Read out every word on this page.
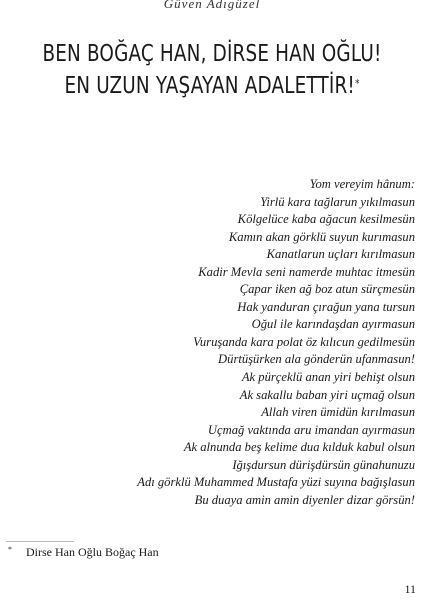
Güven Adıgüzel
BEN BOĞAÇ HAN, DİRSE HAN OĞLU!
EN UZUN YAŞAYAN ADALETTİR!*
Yom vereyim hânum:
Yirlü kara tağlarun yıkılmasun
Kölgelüce kaba ağacun kesilmesün
Kamın akan görklü suyun kurımasun
Kanatlarun uçları kırılmasun
Kadir Mevla seni namerde muhtac itmesün
Çapar iken ağ boz atun sürçmesün
Hak yanduran çırağun yana tursun
Oğul ile karındaşdan ayırmasun
Vuruşanda kara polat öz kılıcun gedilmesün
Dürtüşürken ala gönderün ufanmasun!
Ak pürçeklü anan yiri behişt olsun
Ak sakallu baban yiri uçmağ olsun
Allah viren ümidün kırılmasun
Uçmağ vaktında aru imandan ayırmasun
Ak alnunda beş kelime dua kılduk kabul olsun
Iğışdursun dürişdürsün günahunuzu
Adı görklü Muhammed Mustafa yüzi suyına bağışlasun
Bu duaya amin amin diyenler dizar görsün!
* Dirse Han Oğlu Boğaç Han
11
